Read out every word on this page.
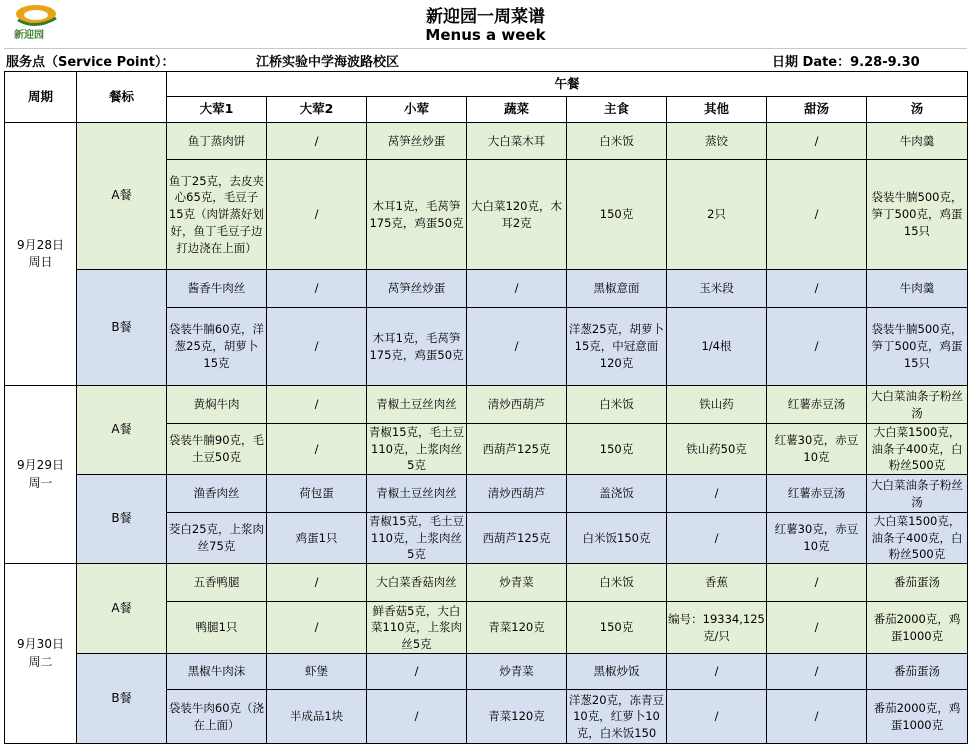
新迎园
新迎园一周菜谱
Menus a week
服务点（Service Point）：	江桥实验中学海波路校区	日期 Date：9.28-9.30
周期	餐标	午餐							
		大荤1	大荤2	小荤	蔬菜	主食	其他	甜汤	汤

9月28日
周日	A餐	鱼丁蒸肉饼	/	莴笋丝炒蛋	大白菜木耳	白米饭	蒸饺	/	牛肉羹
		鱼丁25克，去皮夹心65克，毛豆子15克（肉饼蒸好划好，鱼丁毛豆子边打边浇在上面）	/	木耳1克，毛莴笋175克，鸡蛋50克	大白菜120克，木耳2克	150克	2只	/	袋装牛腩500克，笋丁500克，鸡蛋15只
	B餐	酱香牛肉丝	/	莴笋丝炒蛋	/	黑椒意面	玉米段	/	牛肉羹
		袋装牛腩60克，洋葱25克，胡萝卜15克	/	木耳1克，毛莴笋175克，鸡蛋50克	/	洋葱25克，胡萝卜15克，中冠意面120克	1/4根	/	袋装牛腩500克，笋丁500克，鸡蛋15只

9月29日
周一	A餐	黄焖牛肉	/	青椒土豆丝肉丝	清炒西葫芦	白米饭	铁山药	红薯赤豆汤	大白菜油条子粉丝汤
		袋装牛腩90克，毛土豆50克	/	青椒15克，毛土豆110克，上浆肉丝5克	西葫芦125克	150克	铁山药50克	红薯30克，赤豆10克	大白菜1500克，油条子400克，白粉丝500克
	B餐	渔香肉丝	荷包蛋	青椒土豆丝肉丝	清炒西葫芦	盖浇饭	/	红薯赤豆汤	大白菜油条子粉丝汤
		茭白25克，上浆肉丝75克	鸡蛋1只	青椒15克，毛土豆110克，上浆肉丝5克	西葫芦125克	白米饭150克	/	红薯30克，赤豆10克	大白菜1500克，油条子400克，白粉丝500克

9月30日
周二	A餐	五香鸭腿	/	大白菜香菇肉丝	炒青菜	白米饭	香蕉	/	番茄蛋汤
		鸭腿1只	/	鲜香菇5克，大白菜110克，上浆肉丝5克	青菜120克	150克	编号：19334,125克/只	/	番茄2000克，鸡蛋1000克
	B餐	黑椒牛肉沫	虾堡	/	炒青菜	黑椒炒饭	/	/	番茄蛋汤
		袋装牛肉60克（浇在上面）	半成品1块	/	青菜120克	洋葱20克，冻青豆10克，红萝卜10克，白米饭150	/	/	番茄2000克，鸡蛋1000克
